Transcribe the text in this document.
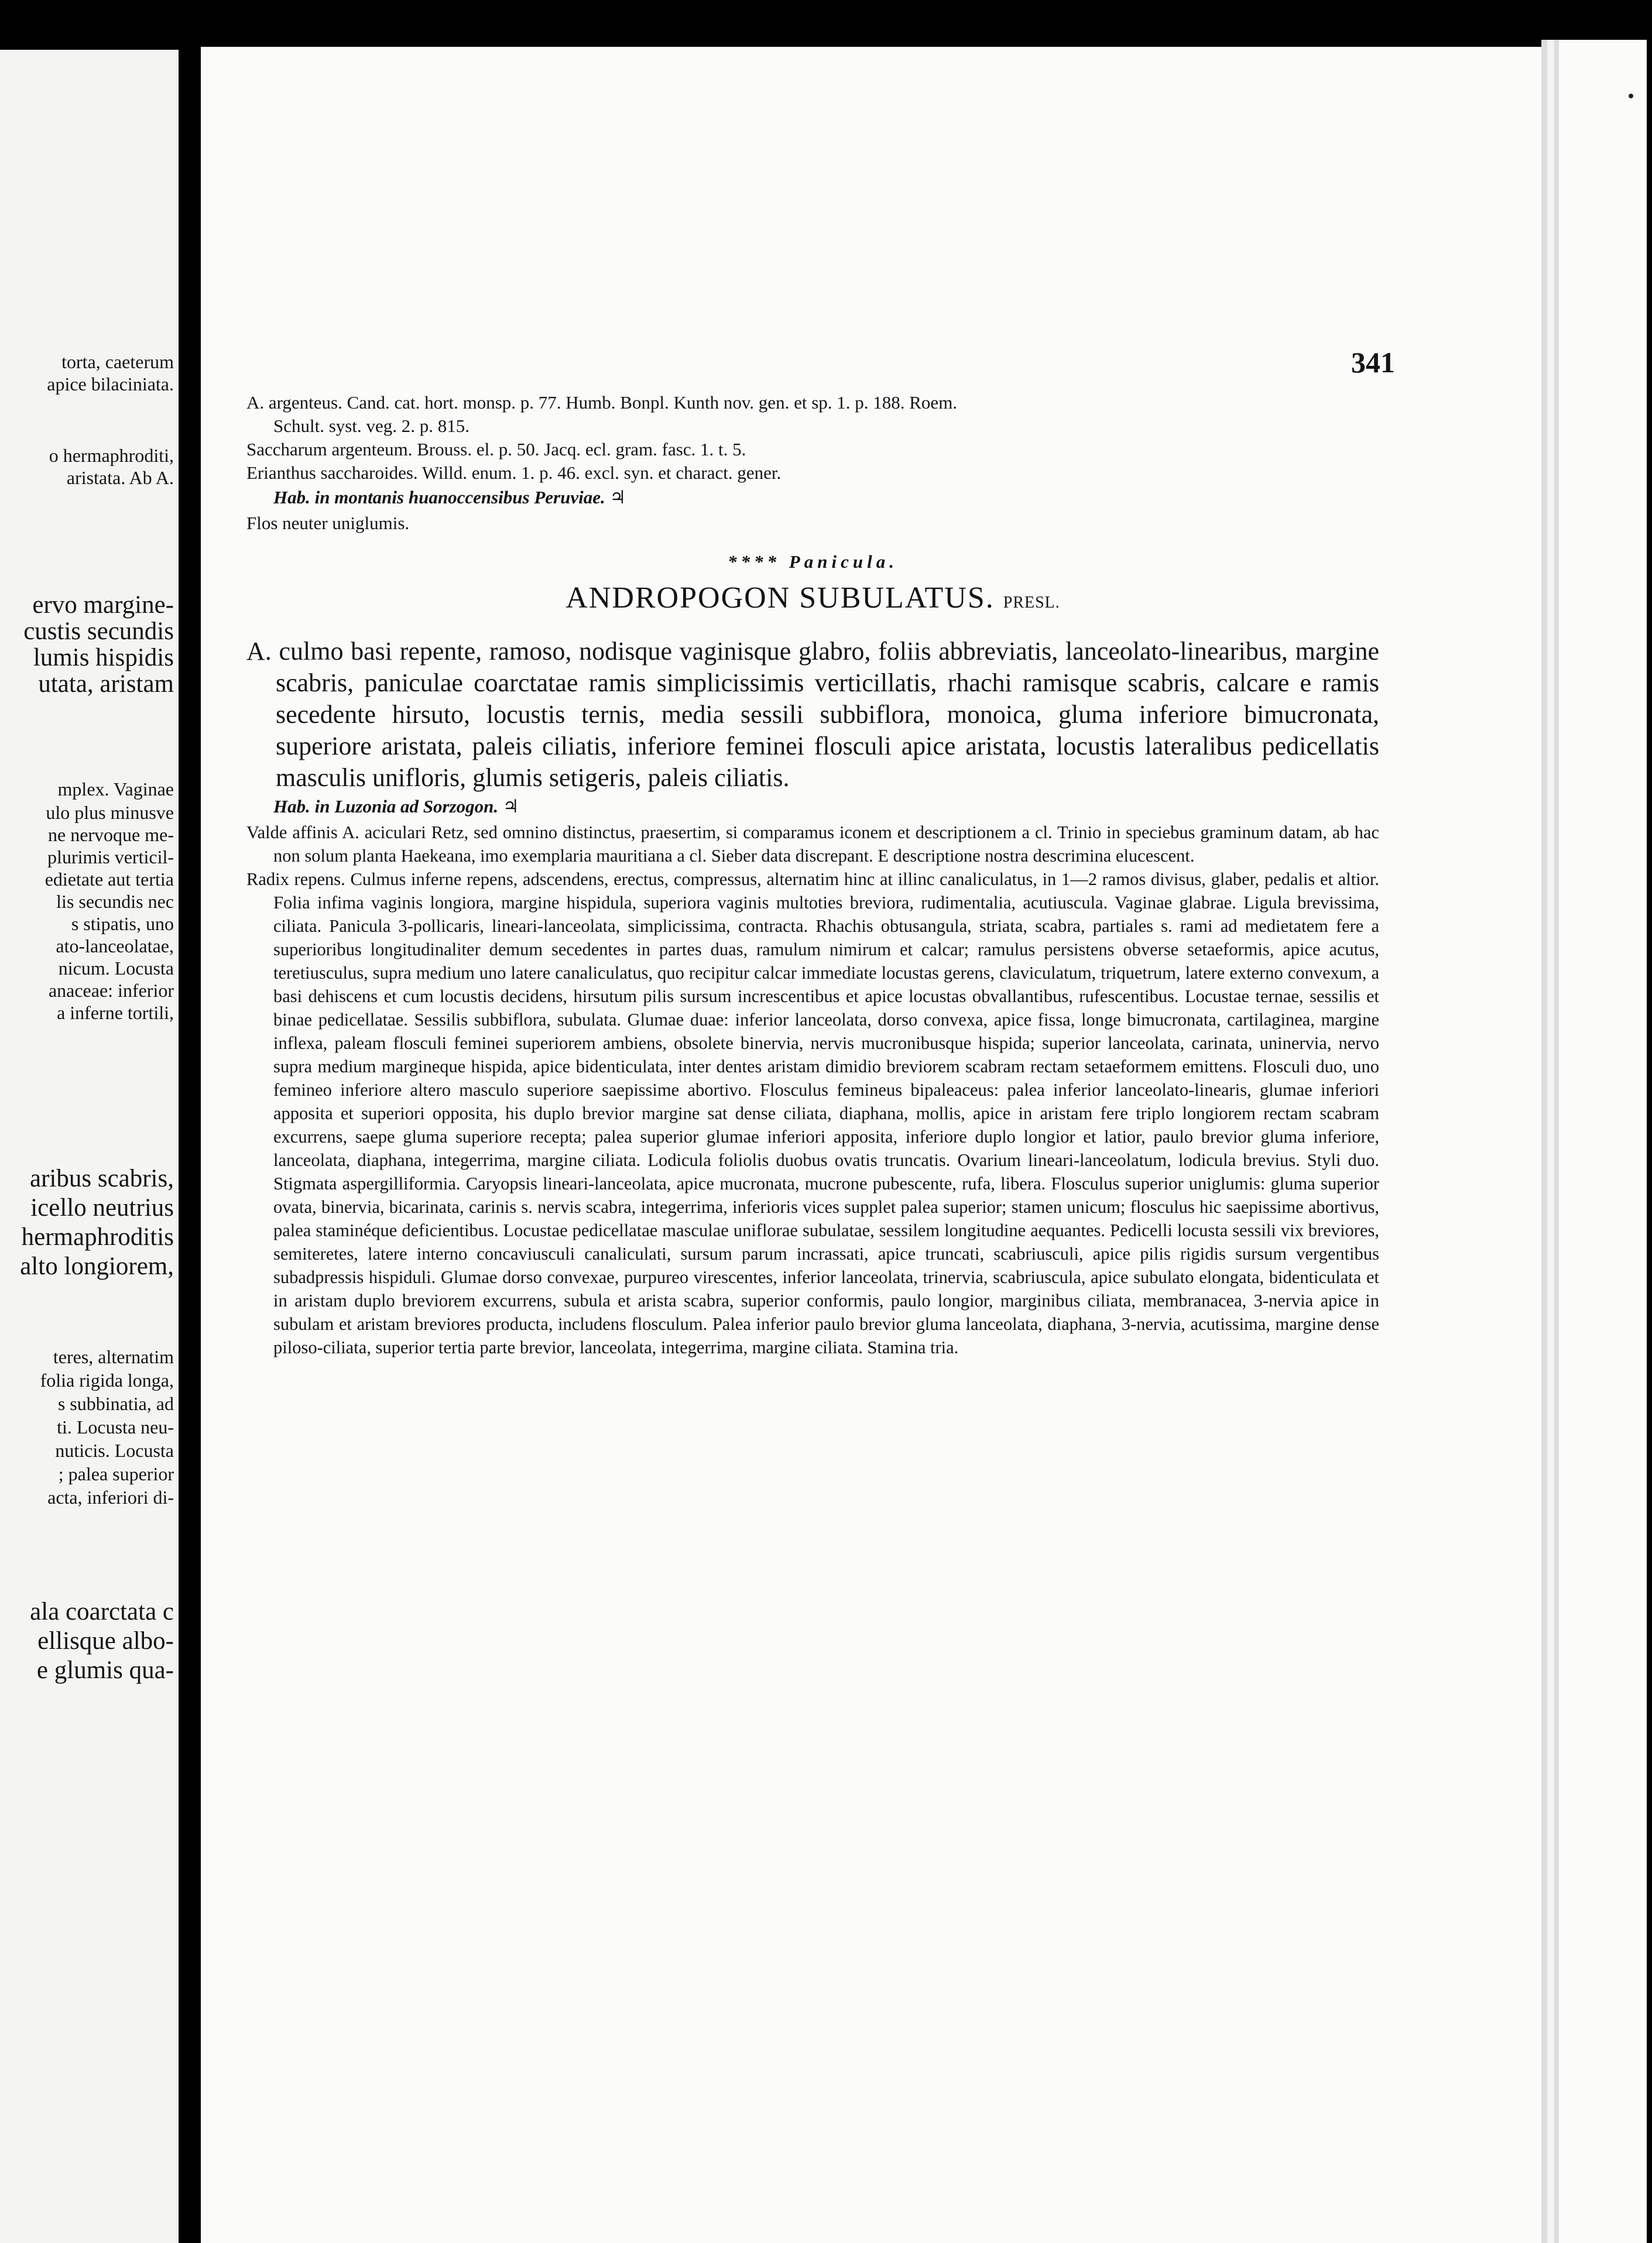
torta, caeterum
apice bilaciniata.
o hermaphroditi,
aristata. Ab A.
ervo margine-
custis secundis
lumis hispidis
utata, aristam
mplex. Vaginae
ulo plus minusve
ne nervoque me-
plurimis verticil-
edietate aut tertia
lis secundis nec
s stipatis, uno
ato-lanceolatae,
nicum. Locusta
anaceae: inferior
a inferne tortili,
aribus scabris,
icello neutrius
hermaphroditis
alto longiorem,
teres, alternatim
folia rigida longa,
s subbinatia, ad
ti. Locusta neu-
nuticis. Locusta
; palea superior
acta, inferiori di-
ala coarctata c
ellisque albo-
e glumis qua-
341

A. argenteus. Cand. cat. hort. monsp. p. 77. Humb. Bonpl. Kunth nov. gen. et sp. 1. p. 188. Roem.

Schult. syst. veg. 2. p. 815.

Saccharum argenteum. Brouss. el. p. 50. Jacq. ecl. gram. fasc. 1. t. 5.

Erianthus saccharoides. Willd. enum. 1. p. 46. excl. syn. et charact. gener.

Hab. in montanis huanoccensibus Peruviae. ♃

Flos neuter uniglumis.

**** Panicula.
ANDROPOGON SUBULATUS. PRESL.

A. culmo basi repente, ramoso, nodisque vaginisque glabro, foliis abbreviatis, lanceolato-linearibus, margine scabris, paniculae coarctatae ramis simplicissimis verticillatis, rhachi ramisque scabris, calcare e ramis secedente hirsuto, locustis ternis, media sessili subbiflora, monoica, gluma inferiore bimucronata, superiore aristata, paleis ciliatis, inferiore feminei flosculi apice aristata, locustis lateralibus pedicellatis masculis unifloris, glumis setigeris, paleis ciliatis.

Hab. in Luzonia ad Sorzogon. ♃

Valde affinis A. aciculari Retz, sed omnino distinctus, praesertim, si comparamus iconem et descriptionem a cl. Trinio in speciebus graminum datam, ab hac non solum planta Haekeana, imo exemplaria mauritiana a cl. Sieber data discrepant. E descriptione nostra descrimina elucescent.

Radix repens. Culmus inferne repens, adscendens, erectus, compressus, alternatim hinc at illinc canaliculatus, in 1—2 ramos divisus, glaber, pedalis et altior. Folia infima vaginis longiora, margine hispidula, superiora vaginis multoties breviora, rudimentalia, acutiuscula. Vaginae glabrae. Ligula brevissima, ciliata. Panicula 3-pollicaris, lineari-lanceolata, simplicissima, contracta. Rhachis obtusangula, striata, scabra, partiales s. rami ad medietatem fere a superioribus longitudinaliter demum secedentes in partes duas, ramulum nimirum et calcar; ramulus persistens obverse setaeformis, apice acutus, teretiusculus, supra medium uno latere canaliculatus, quo recipitur calcar immediate locustas gerens, claviculatum, triquetrum, latere externo convexum, a basi dehiscens et cum locustis decidens, hirsutum pilis sursum increscentibus et apice locustas obvallantibus, rufescentibus. Locustae ternae, sessilis et binae pedicellatae. Sessilis subbiflora, subulata. Glumae duae: inferior lanceolata, dorso convexa, apice fissa, longe bimucronata, cartilaginea, margine inflexa, paleam flosculi feminei superiorem ambiens, obsolete binervia, nervis mucronibusque hispida; superior lanceolata, carinata, uninervia, nervo supra medium margineque hispida, apice bidenticulata, inter dentes aristam dimidio breviorem scabram rectam setaeformem emittens. Flosculi duo, uno femineo inferiore altero masculo superiore saepissime abortivo. Flosculus femineus bipaleaceus: palea inferior lanceolato-linearis, glumae inferiori apposita et superiori opposita, his duplo brevior margine sat dense ciliata, diaphana, mollis, apice in aristam fere triplo longiorem rectam scabram excurrens, saepe gluma superiore recepta; palea superior glumae inferiori apposita, inferiore duplo longior et latior, paulo brevior gluma inferiore, lanceolata, diaphana, integerrima, margine ciliata. Lodicula foliolis duobus ovatis truncatis. Ovarium lineari-lanceolatum, lodicula brevius. Styli duo. Stigmata aspergilliformia. Caryopsis lineari-lanceolata, apice mucronata, mucrone pubescente, rufa, libera. Flosculus superior uniglumis: gluma superior ovata, binervia, bicarinata, carinis s. nervis scabra, integerrima, inferioris vices supplet palea superior; stamen unicum; flosculus hic saepissime abortivus, palea staminéque deficientibus. Locustae pedicellatae masculae uniflorae subulatae, sessilem longitudine aequantes. Pedicelli locusta sessili vix breviores, semiteretes, latere interno concaviusculi canaliculati, sursum parum incrassati, apice truncati, scabriusculi, apice pilis rigidis sursum vergentibus subadpressis hispiduli. Glumae dorso convexae, purpureo virescentes, inferior lanceolata, trinervia, scabriuscula, apice subulato elongata, bidenticulata et in aristam duplo breviorem excurrens, subula et arista scabra, superior conformis, paulo longior, marginibus ciliata, membranacea, 3-nervia apice in subulam et aristam breviores producta, includens flosculum. Palea inferior paulo brevior gluma lanceolata, diaphana, 3-nervia, acutissima, margine dense piloso-ciliata, superior tertia parte brevior, lanceolata, integerrima, margine ciliata. Stamina tria.
